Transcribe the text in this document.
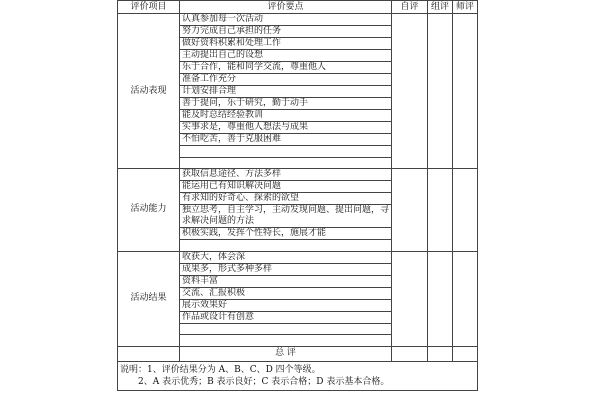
评价项目	评价要点	自评	组评	师评
活动表现	认真参加每一次活动			
	努力完成自己承担的任务			
	做好资料积累和处理工作			
	主动提出自己的设想			
	乐于合作，能和同学交流，尊重他人			
	准备工作充分			
	计划安排合理			
	善于提问，乐于研究，勤于动手			
	能及时总结经验教训			
	实事求是，尊重他人想法与成果			
	不怕吃苦，善于克服困难			

活动能力	获取信息途径、方法多样			
	能运用已有知识解决问题			
	有求知的好奇心、探索的欲望			
	独立思考，自主学习，主动发现问题、提出问题，寻求解决问题的方法			
	积极实践，发挥个性特长，施展才能			

活动结果	收获大，体会深			
	成果多，形式多种多样			
	资料丰富			
	交流、汇报积极			
	展示效果好			
	作品或设计有创意			

	总 评			

说明：1、评价结果分为 A、B、C、D 四个等级。
2、A 表示优秀；B 表示良好；C 表示合格；D 表示基本合格。				
